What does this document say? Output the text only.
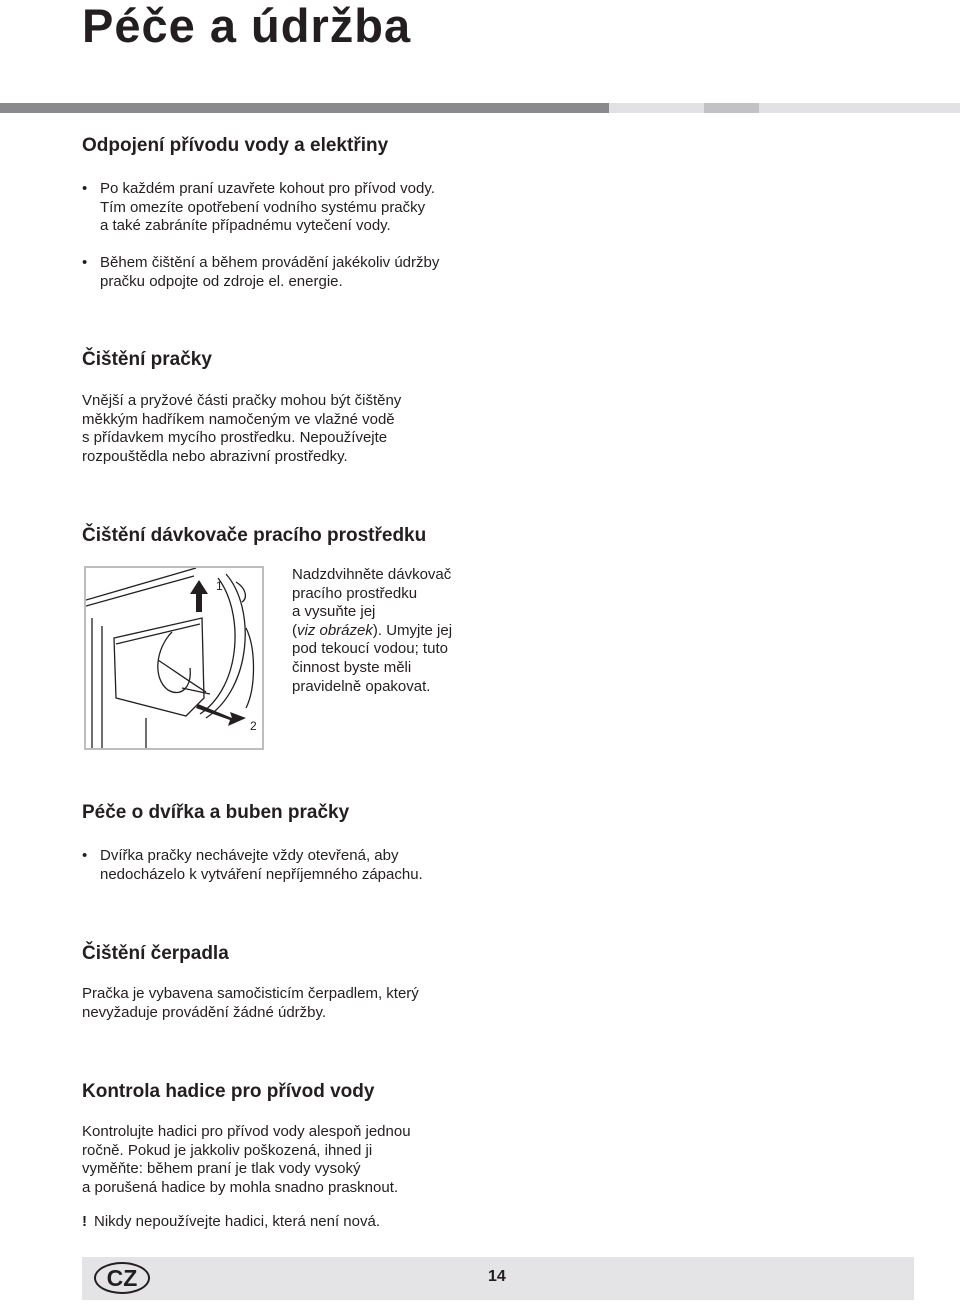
Péče a údržba
Odpojení přívodu vody a elektřiny
• Po každém praní uzavřete kohout pro přívod vody.
Tím omezíte opotřebení vodního systému pračky
a také zabráníte případnému vytečení vody.
• Během čištění a během provádění jakékoliv údržby
pračku odpojte od zdroje el. energie.
Čištění pračky
Vnější a pryžové části pračky mohou být čištěny
měkkým hadříkem namočeným ve vlažné vodě
s přídavkem mycího prostředku. Nepoužívejte
rozpouštědla nebo abrazivní prostředky.
Čištění dávkovače pracího prostředku
1
2
Nadzdvihněte dávkovač
pracího prostředku
a vysuňte jej
(viz obrázek). Umyjte jej
pod tekoucí vodou; tuto
činnost byste měli
pravidelně opakovat.
Péče o dvířka a buben pračky
• Dvířka pračky nechávejte vždy otevřená, aby
nedocházelo k vytváření nepříjemného zápachu.
Čištění čerpadla
Pračka je vybavena samočisticím čerpadlem, který
nevyžaduje provádění žádné údržby.
Kontrola hadice pro přívod vody
Kontrolujte hadici pro přívod vody alespoň jednou
ročně. Pokud je jakkoliv poškozená, ihned ji
vyměňte: během praní je tlak vody vysoký
a porušená hadice by mohla snadno prasknout.

! Nikdy nepoužívejte hadici, která není nová.

CZ	14
